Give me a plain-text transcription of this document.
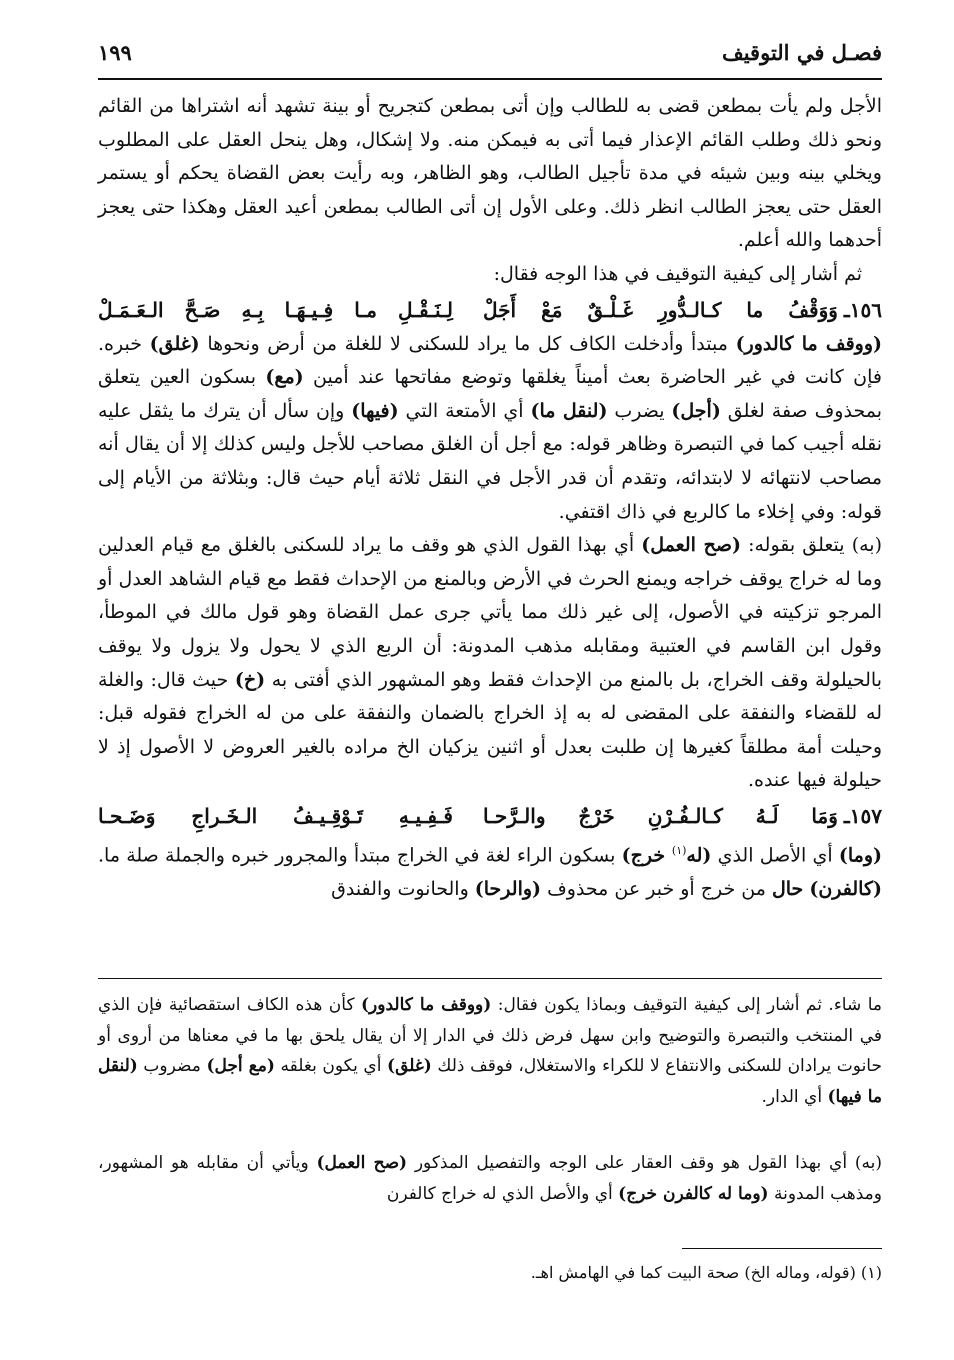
فصـل في التوقيف
١٩٩

الأجل ولم يأت بمطعن قضى به للطالب وإن أتى بمطعن كتجريح أو بينة تشهد أنه اشتراها من القائم ونحو ذلك وطلب القائم الإعذار فيما أتى به فيمكن منه. ولا إشكال، وهل ينحل العقل على المطلوب ويخلي بينه وبين شيئه في مدة تأجيل الطالب، وهو الظاهر، وبه رأيت بعض القضاة يحكم أو يستمر العقل حتى يعجز الطالب انظر ذلك. وعلى الأول إن أتى الطالب بمطعن أعيد العقل وهكذا حتى يعجز أحدهما والله أعلم.

ثم أشار إلى كيفية التوقيف في هذا الوجه فقال:

١٥٦ـ
وَوَقْفُ ما كـالـدُّورِ غَـلْـقٌ مَعْ أَجَلْ
لِـنَـقْـلِ مـا فِـيـهَـا بِـهِ صَـحَّ الـعَـمَـلْ

(ووقف ما كالدور) مبتدأ وأدخلت الكاف كل ما يراد للسكنى لا للغلة من أرض ونحوها (غلق) خبره. فإن كانت في غير الحاضرة بعث أميناً يغلقها وتوضع مفاتحها عند أمين (مع) بسكون العين يتعلق بمحذوف صفة لغلق (أجل) يضرب (لنقل ما) أي الأمتعة التي (فيها) وإن سأل أن يترك ما يثقل عليه نقله أجيب كما في التبصرة وظاهر قوله: مع أجل أن الغلق مصاحب للأجل وليس كذلك إلا أن يقال أنه مصاحب لانتهائه لا لابتدائه، وتقدم أن قدر الأجل في النقل ثلاثة أيام حيث قال: وبثلاثة من الأيام إلى قوله: وفي إخلاء ما كالربع في ذاك اقتفي.

(به) يتعلق بقوله: (صح العمل) أي بهذا القول الذي هو وقف ما يراد للسكنى بالغلق مع قيام العدلين وما له خراج يوقف خراجه ويمنع الحرث في الأرض وبالمنع من الإحداث فقط مع قيام الشاهد العدل أو المرجو تزكيته في الأصول، إلى غير ذلك مما يأتي جرى عمل القضاة وهو قول مالك في الموطأ، وقول ابن القاسم في العتبية ومقابله مذهب المدونة: أن الربع الذي لا يحول ولا يزول ولا يوقف بالحيلولة وقف الخراج، بل بالمنع من الإحداث فقط وهو المشهور الذي أفتى به (خ) حيث قال: والغلة له للقضاء والنفقة على المقضى له به إذ الخراج بالضمان والنفقة على من له الخراج فقوله قبل: وحيلت أمة مطلقاً كغيرها إن طلبت بعدل أو اثنين يزكيان الخ مراده بالغير العروض لا الأصول إذ لا حيلولة فيها عنده.

١٥٧ـ
وَمَا لَـهُ كـالـفُـرْنِ خَرْجٌ والـرَّحـا
فَـفِـيـهِ تَـوْقِـيـفُ الـخَـراجِ وَضَـحـا

(وما) أي الأصل الذي (له$^{(١)}$ خرج) بسكون الراء لغة في الخراج مبتدأ والمجرور خبره والجملة صلة ما. (كالفرن) حال من خرج أو خبر عن محذوف (والرحا) والحانوت والفندق

ما شاء. ثم أشار إلى كيفية التوقيف وبماذا يكون فقال: (ووقف ما كالدور) كأن هذه الكاف استقصائية فإن الذي في المنتخب والتبصرة والتوضيح وابن سهل فرض ذلك في الدار إلا أن يقال يلحق بها ما في معناها من أروى أو حانوت يرادان للسكنى والانتفاع لا للكراء والاستغلال، فوقف ذلك (غلق) أي يكون بغلقه (مع أجل) مضروب (لنقل ما فيها) أي الدار.

(به) أي بهذا القول هو وقف العقار على الوجه والتفصيل المذكور (صح العمل) ويأتي أن مقابله هو المشهور، ومذهب المدونة (وما له كالفرن خرج) أي والأصل الذي له خراج كالفرن

(١) (قوله، وماله الخ) صحة البيت كما في الهامش اهـ.
